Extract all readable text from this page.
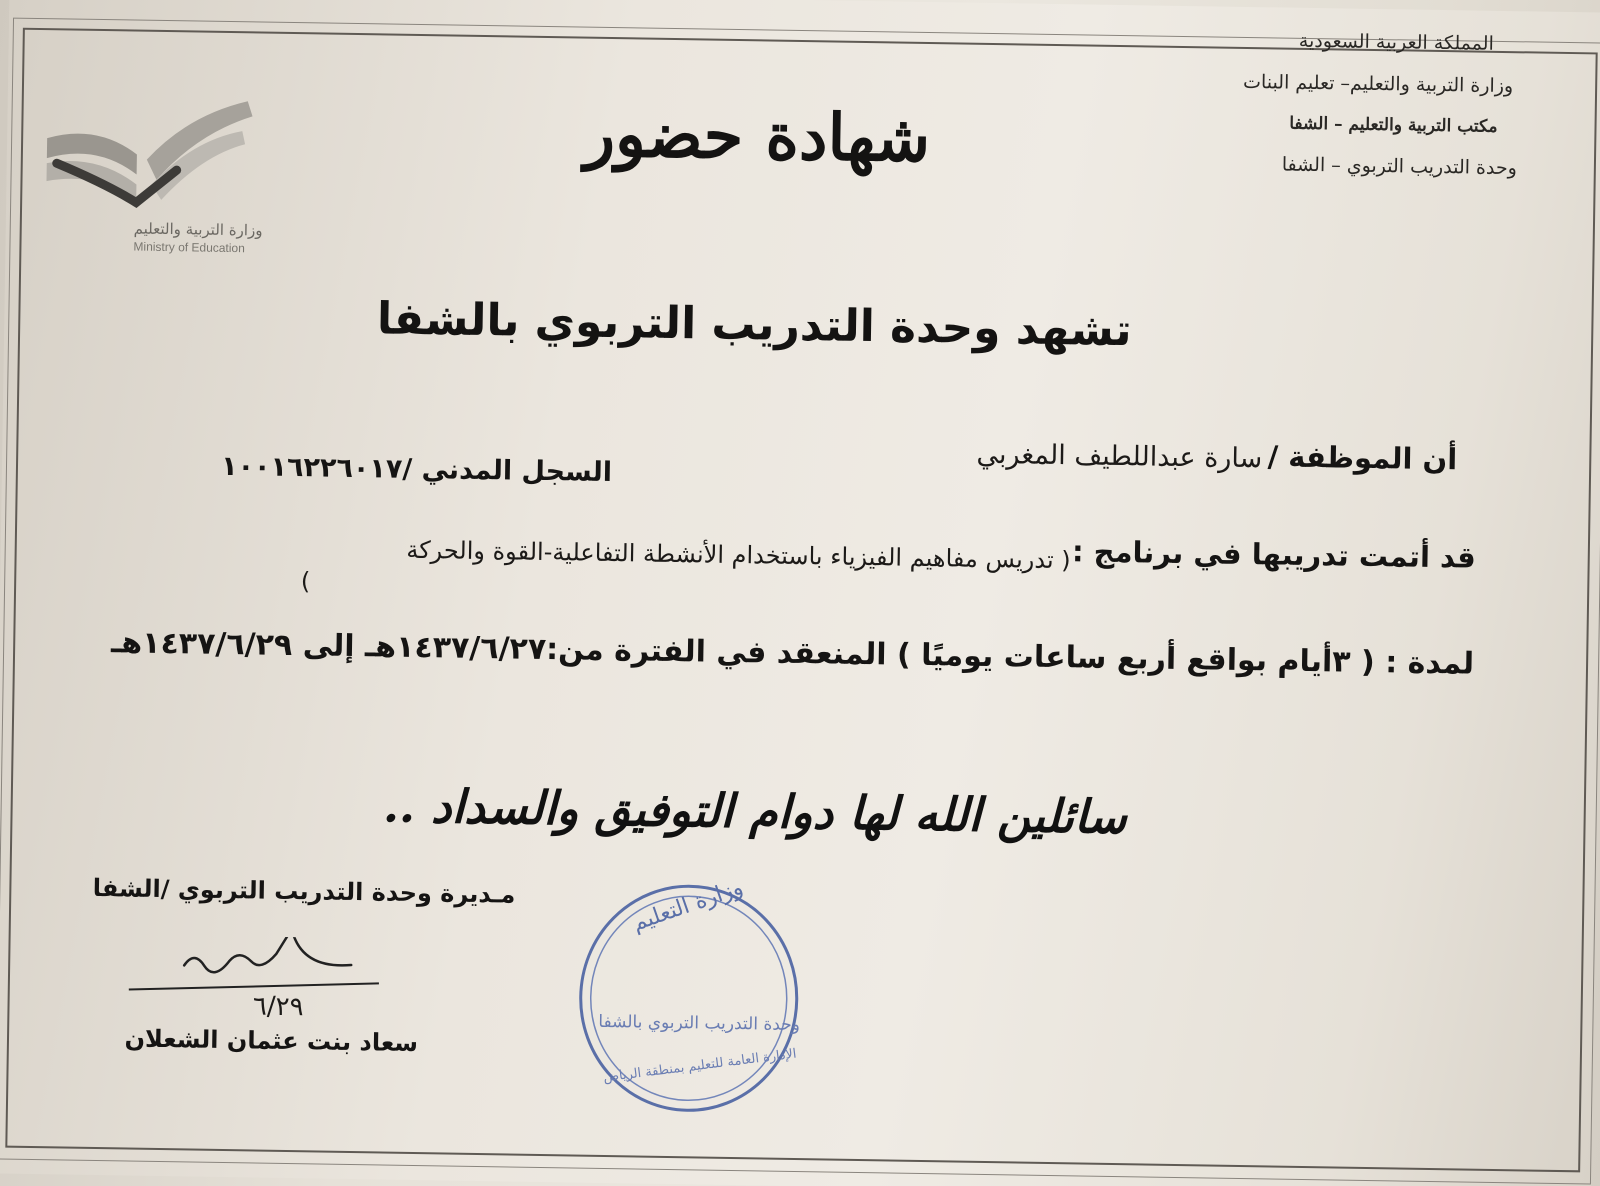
وزارة التربية والتعليم
Ministry of Education
المملكة العربية السعودية
وزارة التربية والتعليم– تعليم البنات
مكتب التربية والتعليم – الشفا
وحدة التدريب التربوي – الشفا
شهادة حضور
تشهد وحدة التدريب التربوي بالشفا
أن الموظفة /
سارة عبداللطيف المغربي
السجل المدني /١٠٠١٦٢٢٦٠١٧
قد أتمت تدريبها في برنامج :
( تدريس مفاهيم الفيزياء باستخدام الأنشطة التفاعلية-القوة والحركة
)
لمدة : ( ٣أيام بواقع أربع ساعات يوميًا ) المنعقد في الفترة من:١٤٣٧/٦/٢٧هـ إلى ١٤٣٧/٦/٢٩هـ
سائلين الله لها دوام التوفيق والسداد ..
مـديرة وحدة التدريب التربوي /الشفا
٦/٢٩
سعاد بنت عثمان الشعلان
وزارة التعليم
وحدة التدريب التربوي بالشفا
الإدارة العامة للتعليم بمنطقة الرياض
